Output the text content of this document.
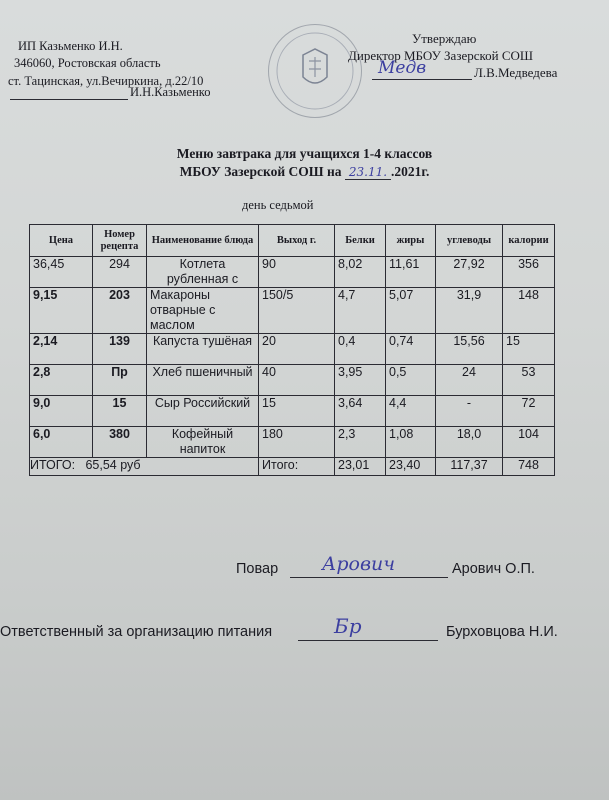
ИП Казьменко И.Н.
346060, Ростовская область
ст. Тацинская, ул.Вечиркина, д.22/10
И.Н.Казьменко
Утверждаю
Директор МБОУ Зазерской СОШ
Медв	Л.В.Медведева
Меню завтрака для учащихся 1-4 классов
МБОУ Зазерской СОШ на 23.11. .2021г.
день седьмой
Цена	Номер рецепта	Наименование блюда	Выход г.	Белки	жиры	углеводы	калории
36,45	294	Котлета рубленная с	90	8,02	11,61	27,92	356
9,15	203	Макароны отварные с маслом	150/5	4,7	5,07	31,9	148
2,14	139	Капуста тушёная	20	0,4	0,74	15,56	15
2,8	Пр	Хлеб пшеничный	40	3,95	0,5	24	53
9,0	15	Сыр Российский	15	3,64	4,4	-	72
6,0	380	Кофейный напиток	180	2,3	1,08	18,0	104
ИТОГО:   65,54 руб			Итого:	23,01	23,40	117,37	748
Повар Арович	Арович О.П.
Ответственный за организацию питания	Бр	Бурховцова Н.И.
